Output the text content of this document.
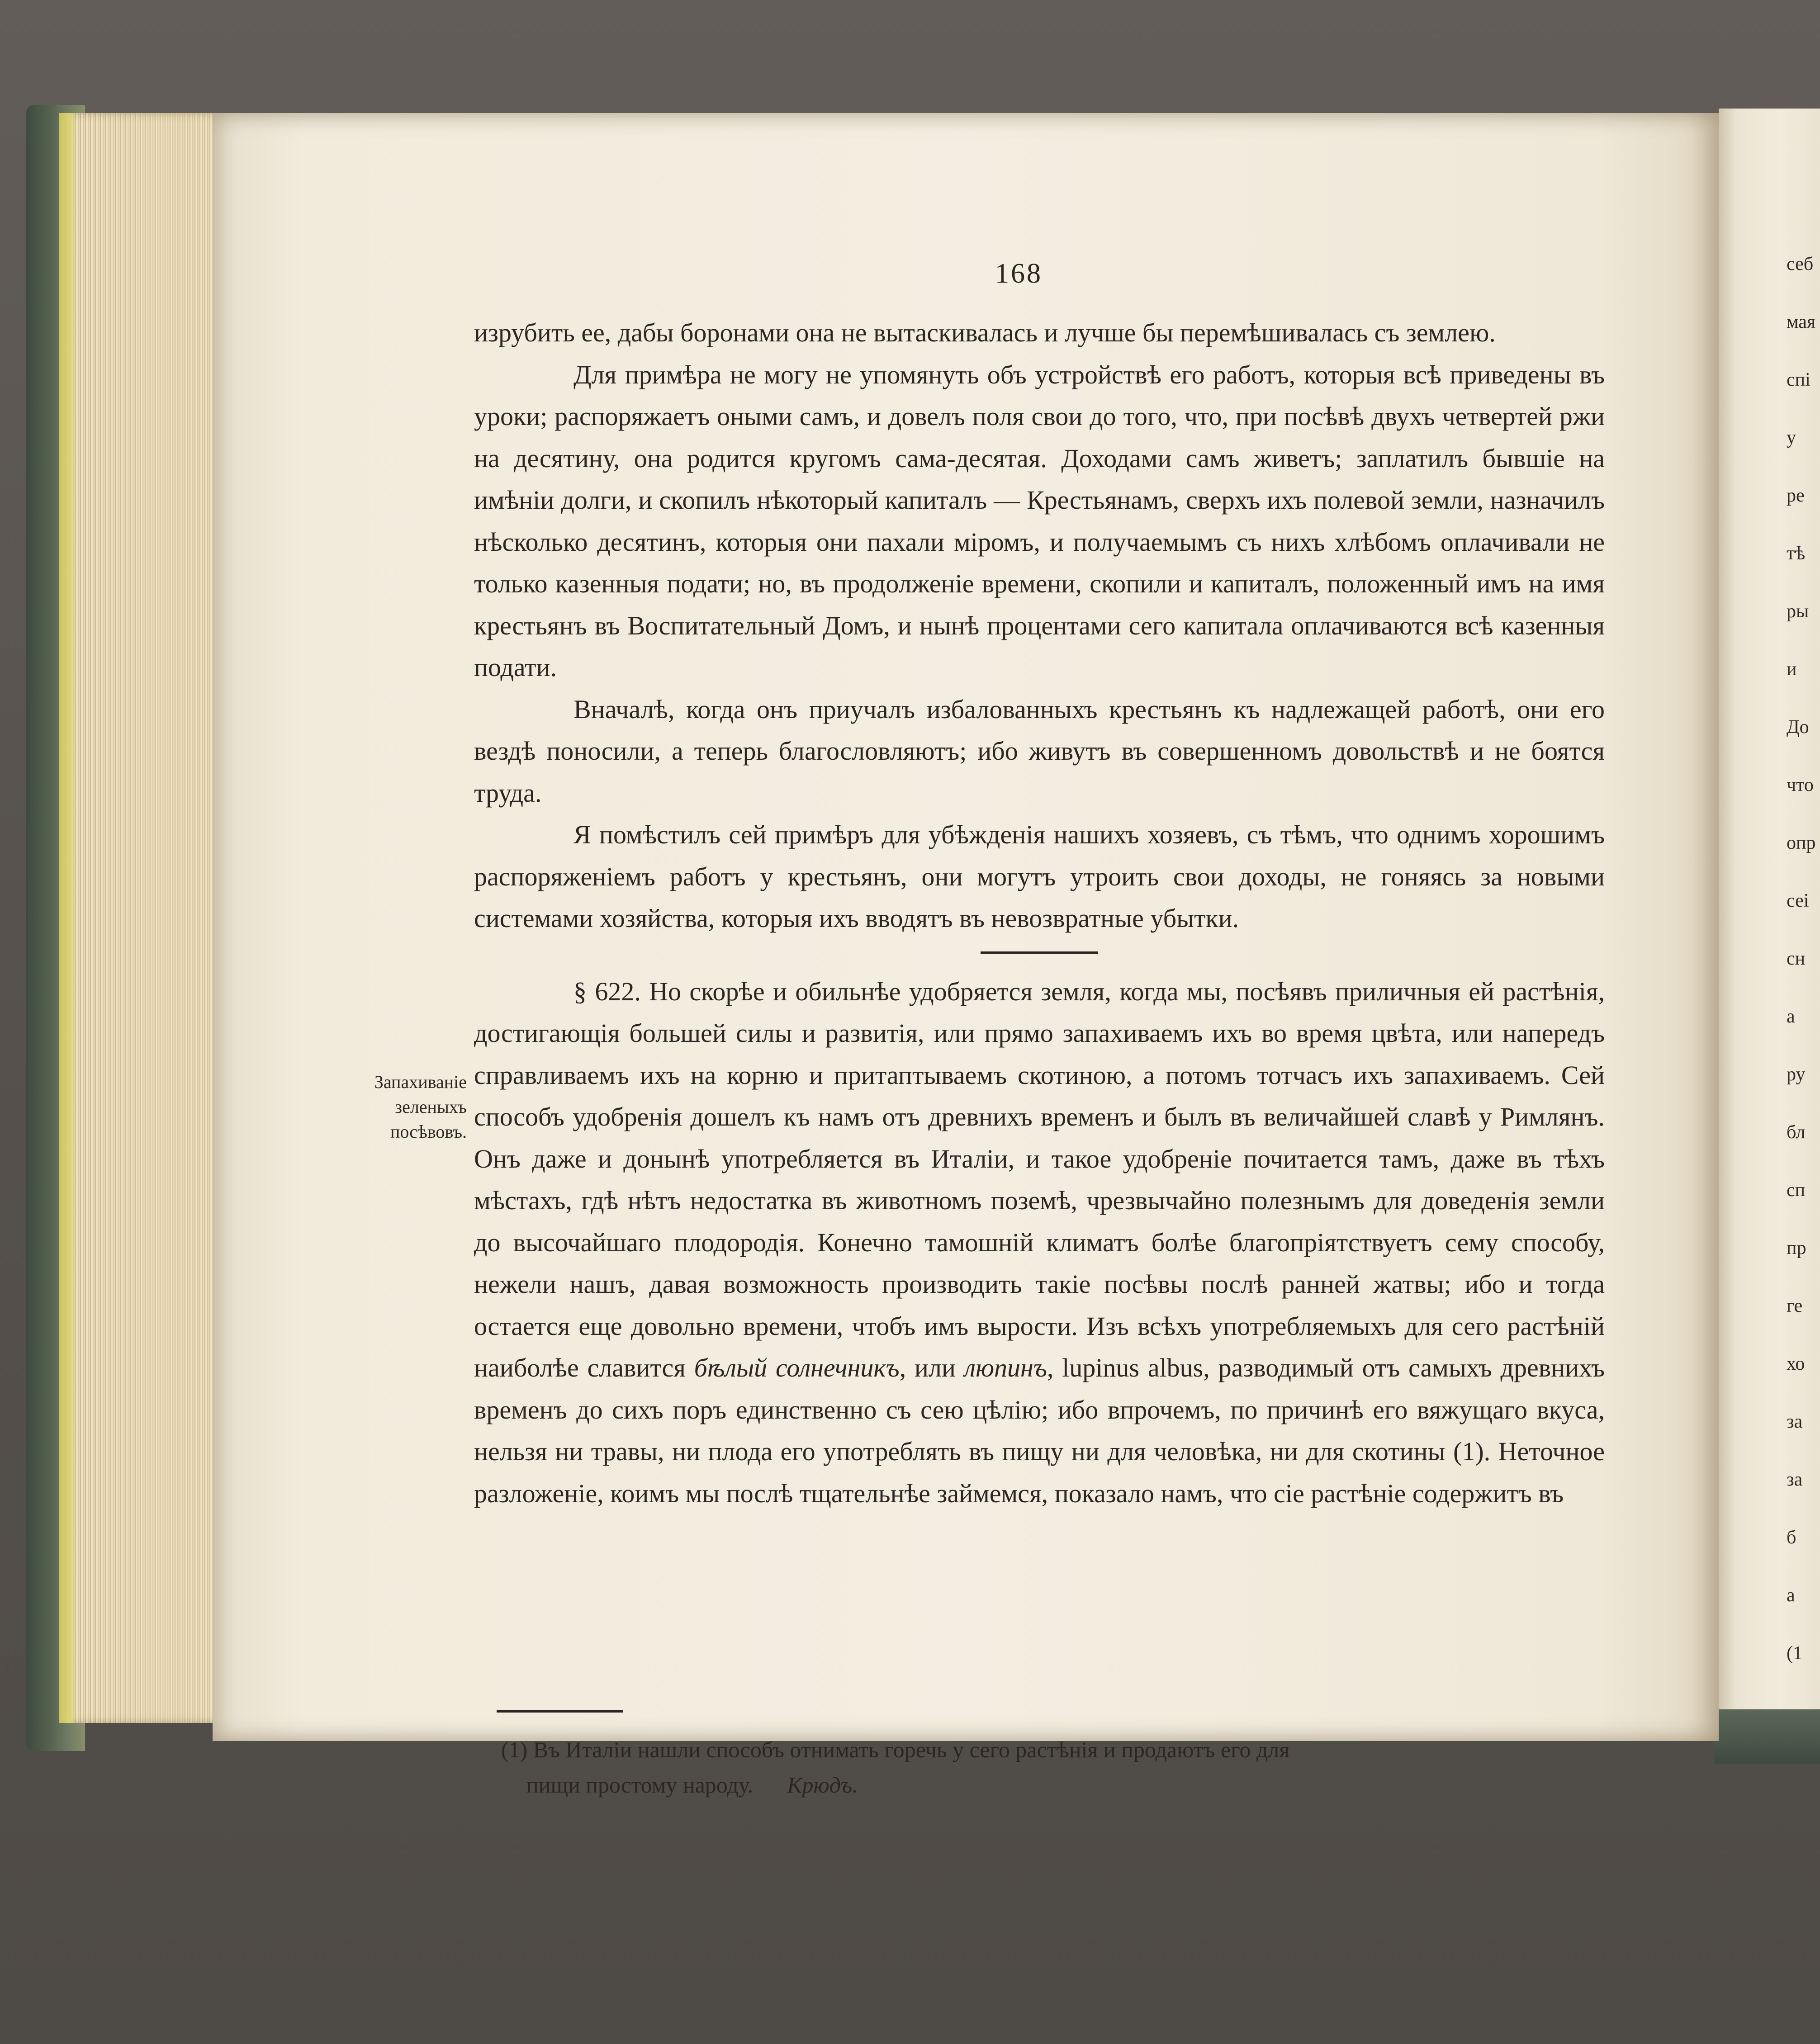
168

изрубить ее, дабы боронами она не вытаскивалась и лучше бы перемѣшивалась съ землею.

Для примѣра не могу не упомянуть объ устройствѣ его работъ, которыя всѣ приведены въ уроки; распоряжаетъ оными самъ, и довелъ поля свои до того, что, при посѣвѣ двухъ четвертей ржи на десятину, она родится кругомъ сама-десятая. Доходами самъ живетъ; заплатилъ бывшіе на имѣніи долги, и скопилъ нѣкоторый капиталъ — Крестьянамъ, сверхъ ихъ полевой земли, назначилъ нѣсколько десятинъ, которыя они пахали міромъ, и получаемымъ съ нихъ хлѣбомъ оплачивали не только казенныя подати; но, въ продолженіе времени, скопили и капиталъ, положенный имъ на имя крестьянъ въ Воспитательный Домъ, и нынѣ процентами сего капитала оплачиваются всѣ казенныя подати.

Вначалѣ, когда онъ приучалъ избалованныхъ крестьянъ къ надлежащей работѣ, они его вездѣ поносили, а теперь благословляютъ; ибо живутъ въ совершенномъ довольствѣ и не боятся труда.

Я помѣстилъ сей примѣръ для убѣжденія нашихъ хозяевъ, съ тѣмъ, что однимъ хорошимъ распоряженіемъ работъ у крестьянъ, они могутъ утроить свои доходы, не гоняясь за новыми системами хозяйства, которыя ихъ вводятъ въ невозвратные убытки.

§ 622. Но скорѣе и обильнѣе удобряется земля, когда мы, посѣявъ приличныя ей растѣнія, достигающія большей силы и развитія, или прямо запахиваемъ ихъ во время цвѣта, или напередъ справливаемъ ихъ на корню и притаптываемъ скотиною, а потомъ тотчасъ ихъ запахиваемъ. Сей способъ удобренія дошелъ къ намъ отъ древнихъ временъ и былъ въ величайшей славѣ у Римлянъ. Онъ даже и донынѣ употребляется въ Италіи, и такое удобреніе почитается тамъ, даже въ тѣхъ мѣстахъ, гдѣ нѣтъ недостатка въ животномъ поземѣ, чрезвычайно полезнымъ для доведенія земли до высочайшаго плодородія. Конечно тамошній климатъ болѣе благопріятствуетъ сему способу, нежели нашъ, давая возможность производить такіе посѣвы послѣ ранней жатвы; ибо и тогда остается еще довольно времени, чтобъ имъ вырости. Изъ всѣхъ употребляемыхъ для сего растѣній наиболѣе славится бѣлый солнечникъ, или люпинъ, lupinus albus, разводимый отъ самыхъ древнихъ временъ до сихъ поръ единственно съ сею цѣлію; ибо впрочемъ, по причинѣ его вяжущаго вкуса, нельзя ни травы, ни плода его употреблять въ пищу ни для человѣка, ни для скотины (1). Неточное разложеніе, коимъ мы послѣ тщательнѣе займемся, показало намъ, что сіе растѣніе содержитъ въ

Запахиваніе зеленыхъ посѣвовъ.
(1) Въ Италіи нашли способъ отнимать горечь у сего растѣнія и продаютъ его для
пищи простому народу. Крюдъ.
себ
мая
спі
у
ре
тѣ
ры
и
До
что
опр
сеі
сн
а
ру
бл
сп
пр
ге
хо
за
за
б
а
(1
